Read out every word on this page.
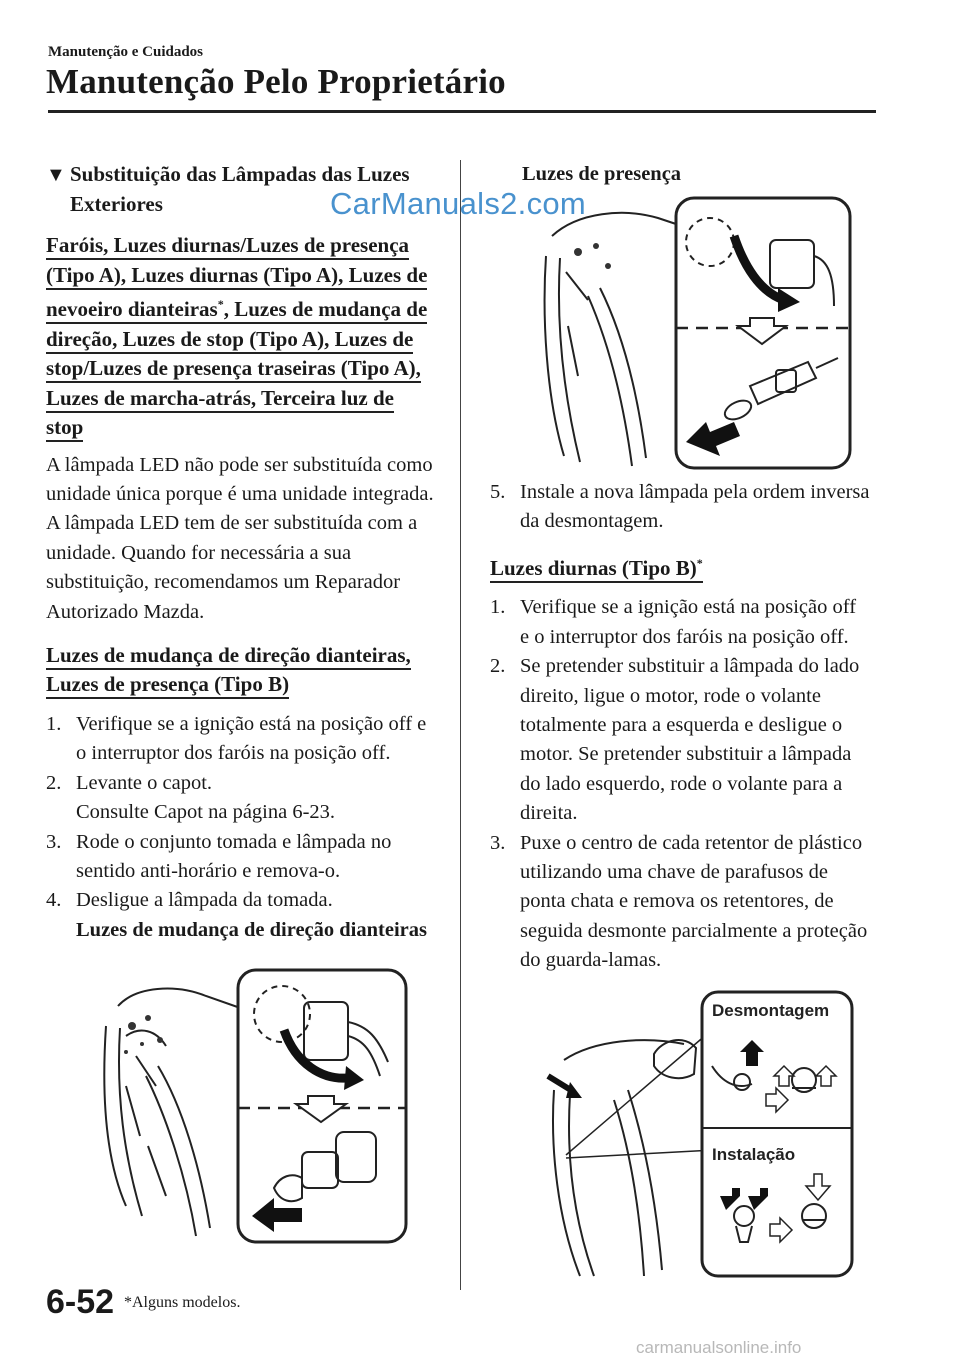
Manutenção e Cuidados
Manutenção Pelo Proprietário
▼ Substituição das Lâmpadas das Luzes Exteriores
Faróis, Luzes diurnas/Luzes de presença (Tipo A), Luzes diurnas (Tipo A), Luzes de nevoeiro dianteiras*, Luzes de mudança de direção, Luzes de stop (Tipo A), Luzes de stop/Luzes de presença traseiras (Tipo A), Luzes de marcha-atrás, Terceira luz de stop

A lâmpada LED não pode ser substituída como unidade única porque é uma unidade integrada.

A lâmpada LED tem de ser substituída com a unidade. Quando for necessária a sua substituição, recomendamos um Reparador Autorizado Mazda.

Luzes de mudança de direção dianteiras, Luzes de presença (Tipo B)
1. Verifique se a ignição está na posição off e o interruptor dos faróis na posição off.
2. Levante o capot.
Consulte Capot na página 6-23.
3. Rode o conjunto tomada e lâmpada no sentido anti-horário e remova-o.
4. Desligue a lâmpada da tomada.
Luzes de mudança de direção dianteiras
Luzes de presença
5. Instale a nova lâmpada pela ordem inversa da desmontagem.
Luzes diurnas (Tipo B)*
1. Verifique se a ignição está na posição off e o interruptor dos faróis na posição off.
2. Se pretender substituir a lâmpada do lado direito, ligue o motor, rode o volante totalmente para a esquerda e desligue o motor. Se pretender substituir a lâmpada do lado esquerdo, rode o volante para a direita.
3. Puxe o centro de cada retentor de plástico utilizando uma chave de parafusos de ponta chata e remova os retentores, de seguida desmonte parcialmente a proteção do guarda-lamas.
Desmontagem
Instalação
CarManuals2.com
6-52 *Alguns modelos.
carmanualsonline.info
